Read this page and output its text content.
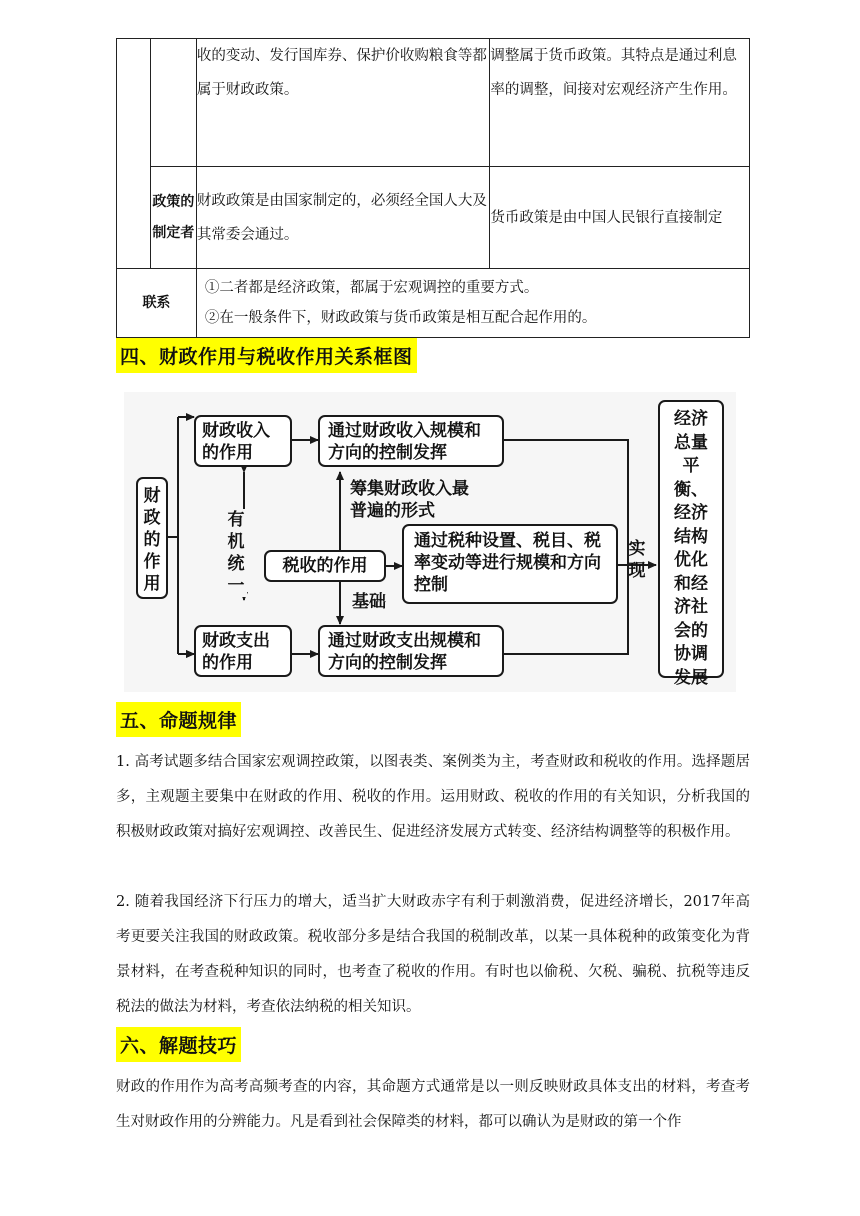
		收的变动、发行国库券、保护价收购粮食等都属于财政政策。	调整属于货币政策。其特点是通过利息率的调整，间接对宏观经济产生作用。
	政策的制定者	财政政策是由国家制定的，必须经全国人大及其常委会通过。	货币政策是由中国人民银行直接制定
联系		①二者都是经济政策，都属于宏观调控的重要方式。
②在一般条件下，财政政策与货币政策是相互配合起作用的。	
四、财政作用与税收作用关系框图
财政的作用
财政收入的作用
财政支出的作用
通过财政收入规模和方向的控制发挥
通过财政支出规模和方向的控制发挥
税收的作用
通过税种设置、税目、税率变动等进行规模和方向控制
经济总量平衡、经济结构优化和经济社会的协调发展
有机统一
筹集财政收入最普遍的形式
基础
实现
五、命题规律

1. 高考试题多结合国家宏观调控政策，以图表类、案例类为主，考查财政和税收的作用。选择题居多，主观题主要集中在财政的作用、税收的作用。运用财政、税收的作用的有关知识，分析我国的积极财政政策对搞好宏观调控、改善民生、促进经济发展方式转变、经济结构调整等的积极作用。

2. 随着我国经济下行压力的增大，适当扩大财政赤字有利于刺激消费，促进经济增长，2017年高考更要关注我国的财政政策。税收部分多是结合我国的税制改革，以某一具体税种的政策变化为背景材料，在考查税种知识的同时，也考查了税收的作用。有时也以偷税、欠税、骗税、抗税等违反税法的做法为材料，考查依法纳税的相关知识。

六、解题技巧

财政的作用作为高考高频考查的内容，其命题方式通常是以一则反映财政具体支出的材料，考查考生对财政作用的分辨能力。凡是看到社会保障类的材料，都可以确认为是财政的第一个作
